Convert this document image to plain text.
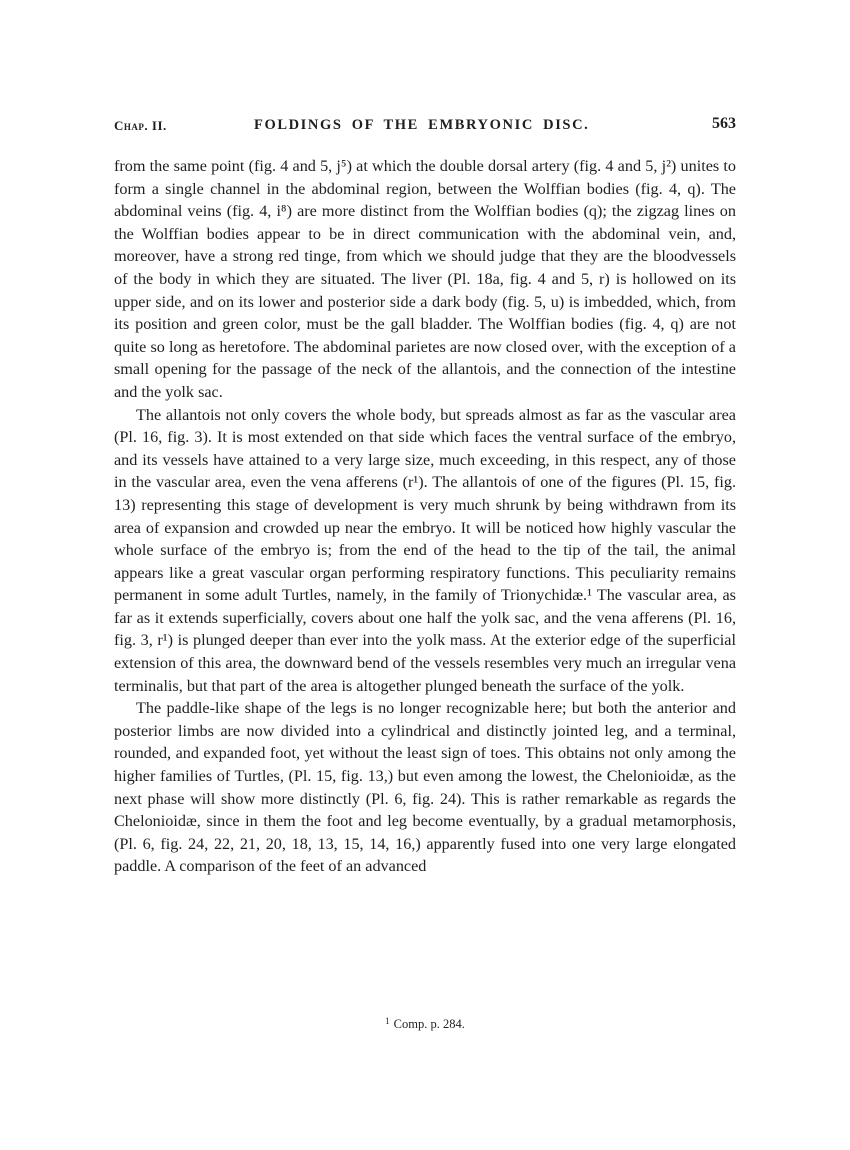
Chap. II.	FOLDINGS OF THE EMBRYONIC DISC.	563

from the same point (fig. 4 and 5, j⁵) at which the double dorsal artery (fig. 4 and 5, j²) unites to form a single channel in the abdominal region, between the Wolffian bodies (fig. 4, q). The abdominal veins (fig. 4, i⁸) are more distinct from the Wolffian bodies (q); the zigzag lines on the Wolffian bodies appear to be in direct communication with the abdominal vein, and, moreover, have a strong red tinge, from which we should judge that they are the bloodvessels of the body in which they are situated. The liver (Pl. 18a, fig. 4 and 5, r) is hollowed on its upper side, and on its lower and posterior side a dark body (fig. 5, u) is imbedded, which, from its position and green color, must be the gall bladder. The Wolffian bodies (fig. 4, q) are not quite so long as heretofore. The abdominal parietes are now closed over, with the exception of a small opening for the passage of the neck of the allantois, and the connection of the intestine and the yolk sac.

The allantois not only covers the whole body, but spreads almost as far as the vascular area (Pl. 16, fig. 3). It is most extended on that side which faces the ventral surface of the embryo, and its vessels have attained to a very large size, much exceeding, in this respect, any of those in the vascular area, even the vena afferens (r¹). The allantois of one of the figures (Pl. 15, fig. 13) representing this stage of development is very much shrunk by being withdrawn from its area of expansion and crowded up near the embryo. It will be noticed how highly vascular the whole surface of the embryo is; from the end of the head to the tip of the tail, the animal appears like a great vascular organ performing respiratory functions. This peculiarity remains permanent in some adult Turtles, namely, in the family of Trionychidæ.¹ The vascular area, as far as it extends superficially, covers about one half the yolk sac, and the vena afferens (Pl. 16, fig. 3, r¹) is plunged deeper than ever into the yolk mass. At the exterior edge of the superficial extension of this area, the downward bend of the vessels resembles very much an irregular vena terminalis, but that part of the area is altogether plunged beneath the surface of the yolk.

The paddle-like shape of the legs is no longer recognizable here; but both the anterior and posterior limbs are now divided into a cylindrical and distinctly jointed leg, and a terminal, rounded, and expanded foot, yet without the least sign of toes. This obtains not only among the higher families of Turtles, (Pl. 15, fig. 13,) but even among the lowest, the Chelonioidæ, as the next phase will show more distinctly (Pl. 6, fig. 24). This is rather remarkable as regards the Chelonioidæ, since in them the foot and leg become eventually, by a gradual metamorphosis, (Pl. 6, fig. 24, 22, 21, 20, 18, 13, 15, 14, 16,) apparently fused into one very large elongated paddle. A comparison of the feet of an advanced

$^1$ Comp. p. 284.
